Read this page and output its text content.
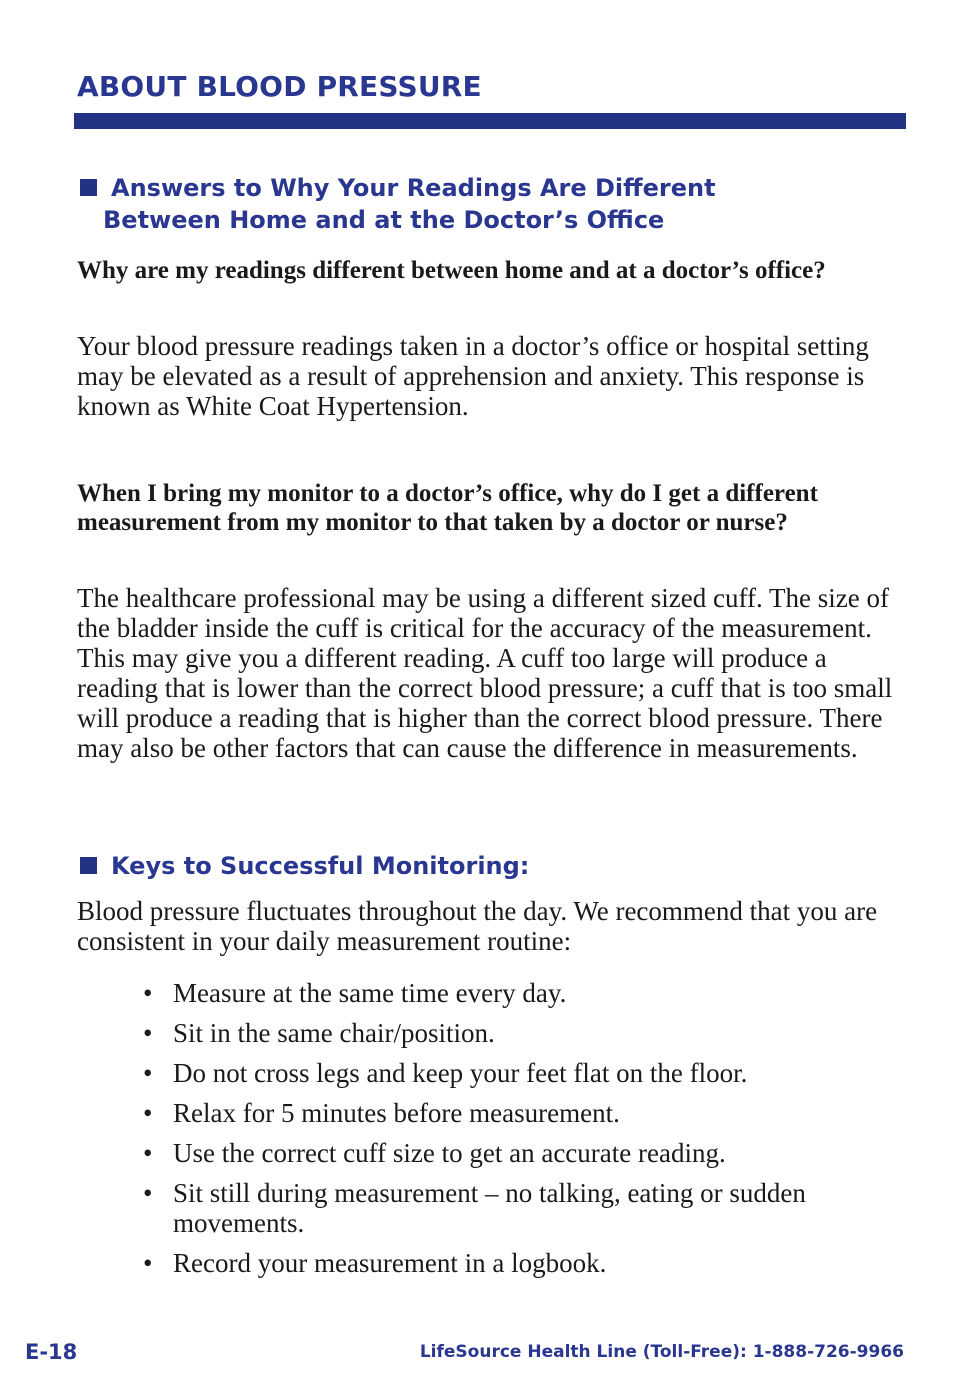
ABOUT BLOOD PRESSURE
Answers to Why Your Readings Are Different
Between Home and at the Doctor’s Office

Why are my readings different between home and at a doctor’s office?

Your blood pressure readings taken in a doctor’s office or hospital setting may be elevated as a result of apprehension and anxiety. This response is known as White Coat Hypertension.

When I bring my monitor to a doctor’s office, why do I get a different measurement from my monitor to that taken by a doctor or nurse?

The healthcare professional may be using a different sized cuff. The size of the bladder inside the cuff is critical for the accuracy of the measurement. This may give you a different reading. A cuff too large will produce a reading that is lower than the correct blood pressure; a cuff that is too small will produce a reading that is higher than the correct blood pressure. There may also be other factors that can cause the difference in measurements.

Keys to Successful Monitoring:

Blood pressure fluctuates throughout the day. We recommend that you are consistent in your daily measurement routine:

• Measure at the same time every day.
• Sit in the same chair/position.
• Do not cross legs and keep your feet flat on the floor.
• Relax for 5 minutes before measurement.
• Use the correct cuff size to get an accurate reading.
• Sit still during measurement – no talking, eating or sudden movements.
• Record your measurement in a logbook.

E-18	LifeSource Health Line (Toll-Free): 1-888-726-9966
